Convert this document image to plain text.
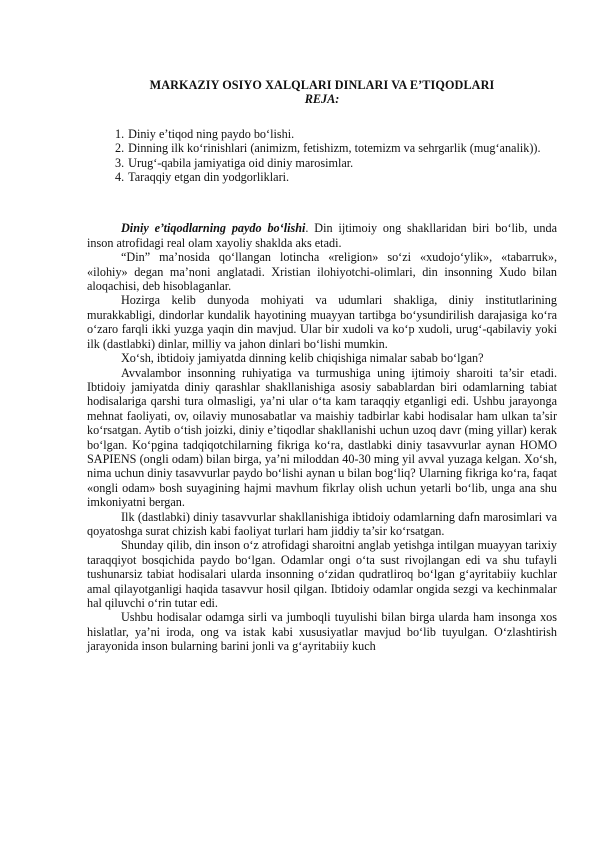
MARKAZIY OSIYO XALQLARI DINLARI VA E’TIQODLARI
REJA:
1. Diniy e’tiqod ning paydo bo‘lishi.
2. Dinning ilk ko‘rinishlari (animizm, fetishizm, totemizm va sehrgarlik (mug‘analik)).
3. Urug‘-qabila jamiyatiga oid diniy marosimlar.
4. Taraqqiy etgan din yodgorliklari.

Diniy e’tiqodlarning paydo bo‘lishi. Din ijtimoiy ong shakllaridan biri bo‘lib, unda inson atrofidagi real olam xayoliy shaklda aks etadi.

“Din” ma’nosida qo‘llangan lotincha «religion» so‘zi «xudojo‘ylik», «tabarruk», «ilohiy» degan ma’noni anglatadi. Xristian ilohiyotchi-olimlari, din insonning Xudo bilan aloqachisi, deb hisoblaganlar.

Hozirga kelib dunyoda mohiyati va udumlari shakliga, diniy institutlarining murakkabligi, dindorlar kundalik hayotining muayyan tartibga bo‘ysundirilish darajasiga ko‘ra o‘zaro farqli ikki yuzga yaqin din mavjud. Ular bir xudoli va ko‘p xudoli, urug‘-qabilaviy yoki ilk (dastlabki) dinlar, milliy va jahon dinlari bo‘lishi mumkin.

Xo‘sh, ibtidoiy jamiyatda dinning kelib chiqishiga nimalar sabab bo‘lgan?

Avvalambor insonning ruhiyatiga va turmushiga uning ijtimoiy sharoiti ta’sir etadi. Ibtidoiy jamiyatda diniy qarashlar shakllanishiga asosiy sabablardan biri odamlarning tabiat hodisalariga qarshi tura olmasligi, ya’ni ular o‘ta kam taraqqiy etganligi edi. Ushbu jarayonga mehnat faoliyati, ov, oilaviy munosabatlar va maishiy tadbirlar kabi hodisalar ham ulkan ta’sir ko‘rsatgan. Aytib o‘tish joizki, diniy e’tiqodlar shakllanishi uchun uzoq davr (ming yillar) kerak bo‘lgan. Ko‘pgina tadqiqotchilarning fikriga ko‘ra, dastlabki diniy tasavvurlar aynan HOMO SAPIENS (ongli odam) bilan birga, ya’ni miloddan 40-30 ming yil avval yuzaga kelgan. Xo‘sh, nima uchun diniy tasavvurlar paydo bo‘lishi aynan u bilan bog‘liq? Ularning fikriga ko‘ra, faqat «ongli odam» bosh suyagining hajmi mavhum fikrlay olish uchun yetarli bo‘lib, unga ana shu imkoniyatni bergan.

Ilk (dastlabki) diniy tasavvurlar shakllanishiga ibtidoiy odamlarning dafn marosimlari va qoyatoshga surat chizish kabi faoliyat turlari ham jiddiy ta’sir ko‘rsatgan.

Shunday qilib, din inson o‘z atrofidagi sharoitni anglab yetishga intilgan muayyan tarixiy taraqqiyot bosqichida paydo bo‘lgan. Odamlar ongi o‘ta sust rivojlangan edi va shu tufayli tushunarsiz tabiat hodisalari ularda insonning o‘zidan qudratliroq bo‘lgan g‘ayritabiiy kuchlar amal qilayotganligi haqida tasavvur hosil qilgan. Ibtidoiy odamlar ongida sezgi va kechinmalar hal qiluvchi o‘rin tutar edi.

Ushbu hodisalar odamga sirli va jumboqli tuyulishi bilan birga ularda ham insonga xos hislatlar, ya’ni iroda, ong va istak kabi xususiyatlar mavjud bo‘lib tuyulgan. O‘zlashtirish jarayonida inson bularning barini jonli va g‘ayritabiiy kuch
